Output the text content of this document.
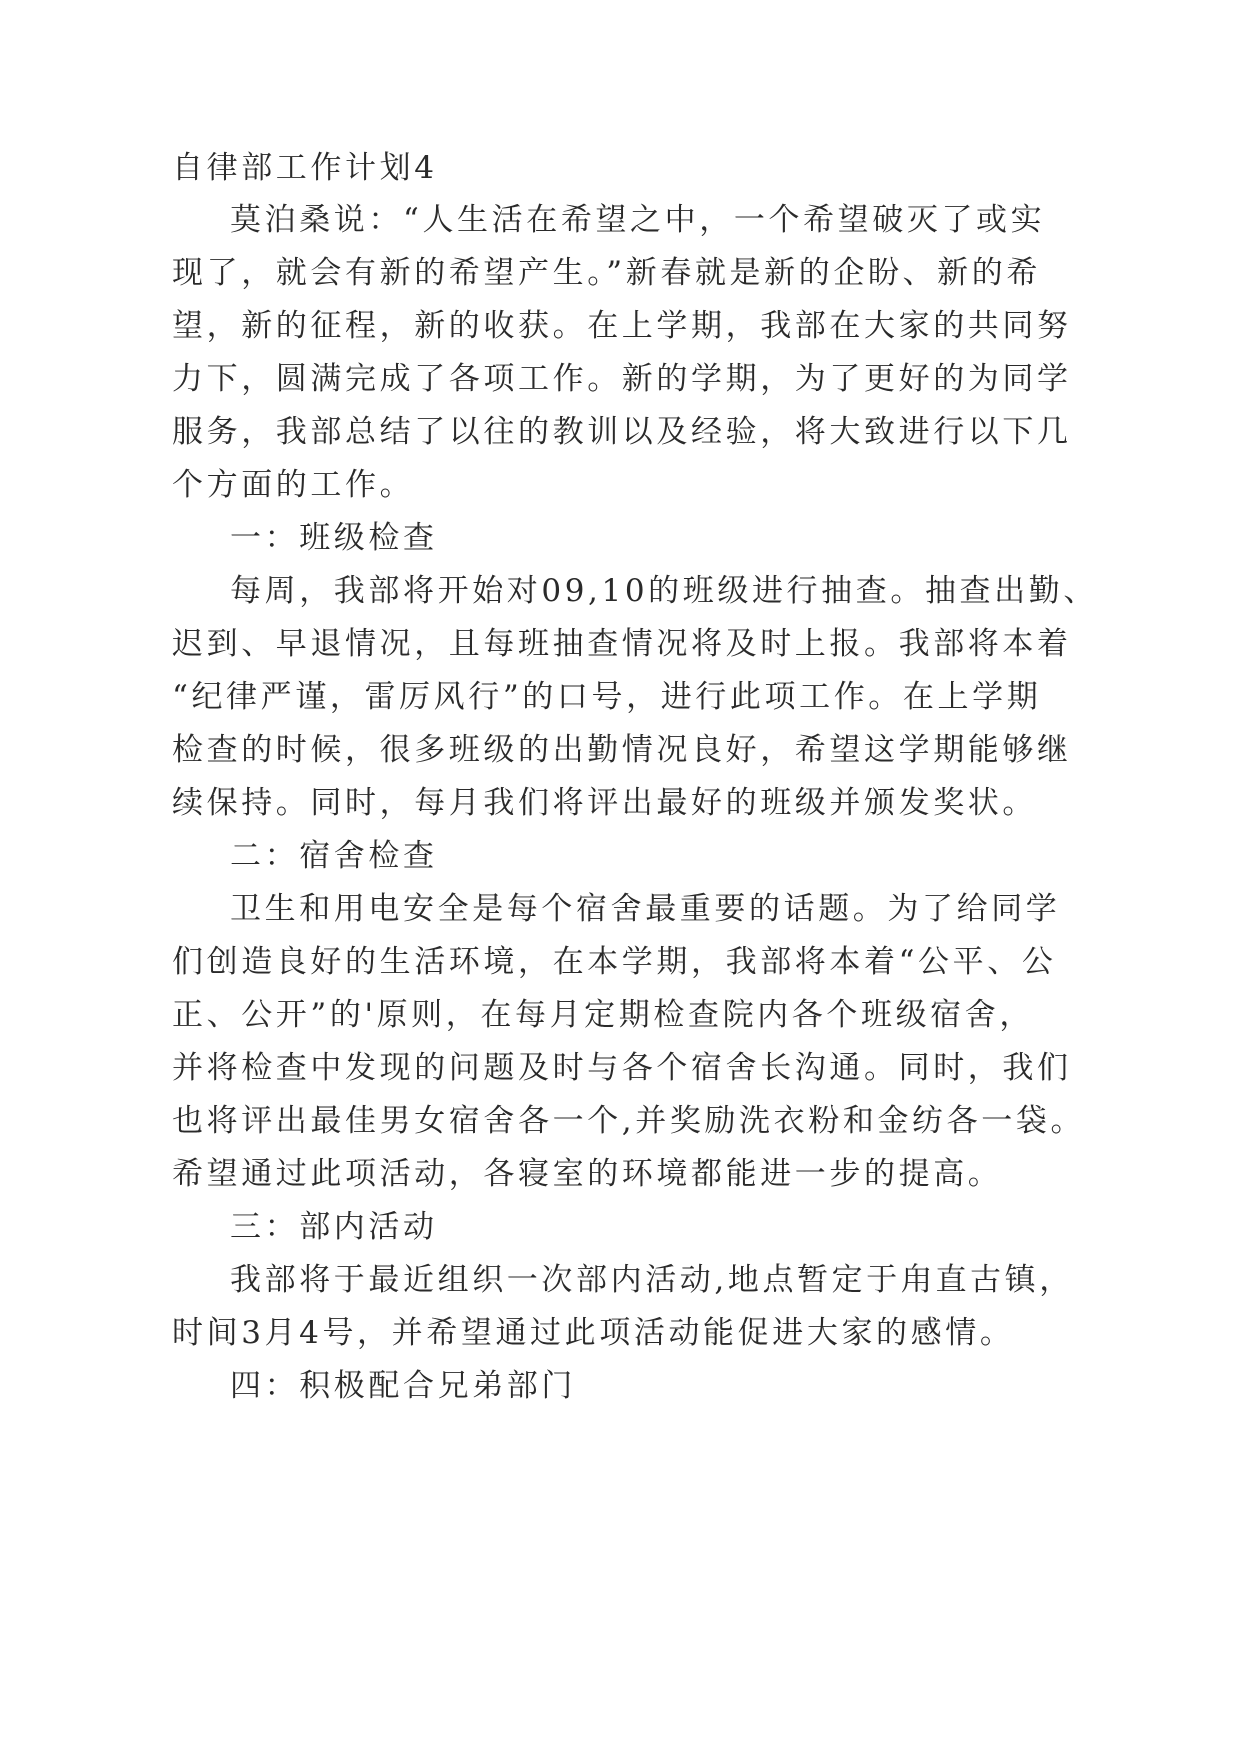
自律部工作计划4
莫泊桑说：“人生活在希望之中，一个希望破灭了或实
现了，就会有新的希望产生。”新春就是新的企盼、新的希
望，新的征程，新的收获。在上学期，我部在大家的共同努
力下，圆满完成了各项工作。新的学期，为了更好的为同学
服务，我部总结了以往的教训以及经验，将大致进行以下几
个方面的工作。
一：班级检查
每周，我部将开始对09,10的班级进行抽查。抽查出勤、
迟到、早退情况，且每班抽查情况将及时上报。我部将本着
“纪律严谨，雷厉风行”的口号，进行此项工作。在上学期
检查的时候，很多班级的出勤情况良好，希望这学期能够继
续保持。同时，每月我们将评出最好的班级并颁发奖状。
二：宿舍检查
卫生和用电安全是每个宿舍最重要的话题。为了给同学
们创造良好的生活环境，在本学期，我部将本着“公平、公
正、公开”的'原则，在每月定期检查院内各个班级宿舍，
并将检查中发现的问题及时与各个宿舍长沟通。同时，我们
也将评出最佳男女宿舍各一个,并奖励洗衣粉和金纺各一袋。
希望通过此项活动，各寝室的环境都能进一步的提高。
三：部内活动
我部将于最近组织一次部内活动,地点暂定于甪直古镇，
时间3月4号，并希望通过此项活动能促进大家的感情。
四：积极配合兄弟部门
